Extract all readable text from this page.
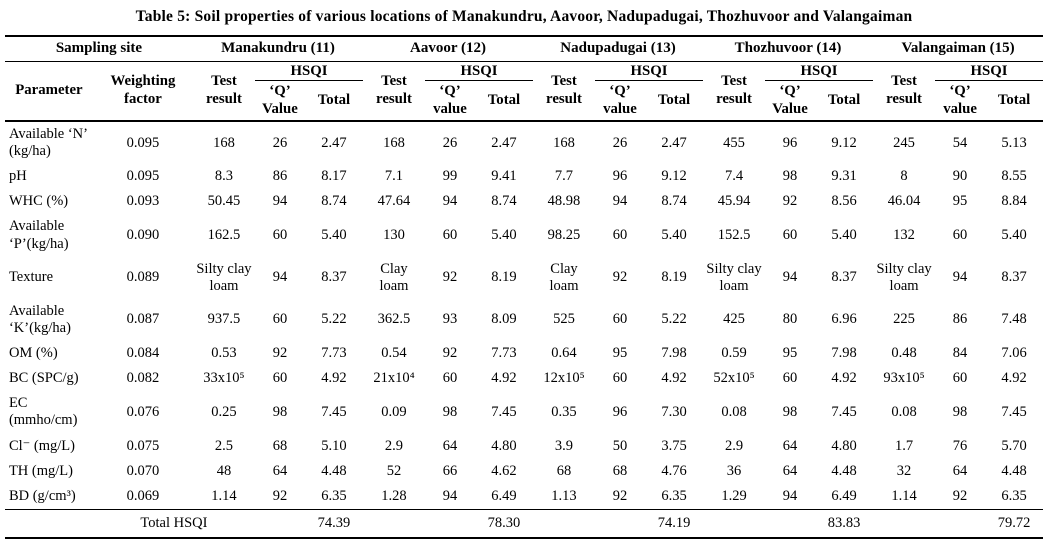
Table 5: Soil properties of various locations of Manakundru, Aavoor, Nadupadugai, Thozhuvoor and Valangaiman
Sampling site		Manakundru (11)			Aavoor (12)			Nadupadugai (13)			Thozhuvoor (14)			Valangaiman (15)		
Parameter	Weighting factor	Test result	HSQI		Test result	HSQI		Test result	HSQI		Test result	HSQI		Test result	HSQI	
			‘Q’ Value	Total		‘Q’ value	Total		‘Q’ value	Total		‘Q’ Value	Total		‘Q’ value	Total
Available ‘N’ (kg/ha)	0.095	168	26	2.47	168	26	2.47	168	26	2.47	455	96	9.12	245	54	5.13
pH	0.095	8.3	86	8.17	7.1	99	9.41	7.7	96	9.12	7.4	98	9.31	8	90	8.55
WHC (%)	0.093	50.45	94	8.74	47.64	94	8.74	48.98	94	8.74	45.94	92	8.56	46.04	95	8.84
Available ‘P’(kg/ha)	0.090	162.5	60	5.40	130	60	5.40	98.25	60	5.40	152.5	60	5.40	132	60	5.40
Texture	0.089	Silty clay loam	94	8.37	Clay loam	92	8.19	Clay loam	92	8.19	Silty clay loam	94	8.37	Silty clay loam	94	8.37
Available ‘K’(kg/ha)	0.087	937.5	60	5.22	362.5	93	8.09	525	60	5.22	425	80	6.96	225	86	7.48
OM (%)	0.084	0.53	92	7.73	0.54	92	7.73	0.64	95	7.98	0.59	95	7.98	0.48	84	7.06
BC (SPC/g)	0.082	33x10⁵	60	4.92	21x10⁴	60	4.92	12x10⁵	60	4.92	52x10⁵	60	4.92	93x10⁵	60	4.92
EC (mmho/cm)	0.076	0.25	98	7.45	0.09	98	7.45	0.35	96	7.30	0.08	98	7.45	0.08	98	7.45
Cl⁻ (mg/L)	0.075	2.5	68	5.10	2.9	64	4.80	3.9	50	3.75	2.9	64	4.80	1.7	76	5.70
TH (mg/L)	0.070	48	64	4.48	52	66	4.62	68	68	4.76	36	64	4.48	32	64	4.48
BD (g/cm³)	0.069	1.14	92	6.35	1.28	94	6.49	1.13	92	6.35	1.29	94	6.49	1.14	92	6.35
	Total HSQI			74.39			78.30			74.19			83.83			79.72
